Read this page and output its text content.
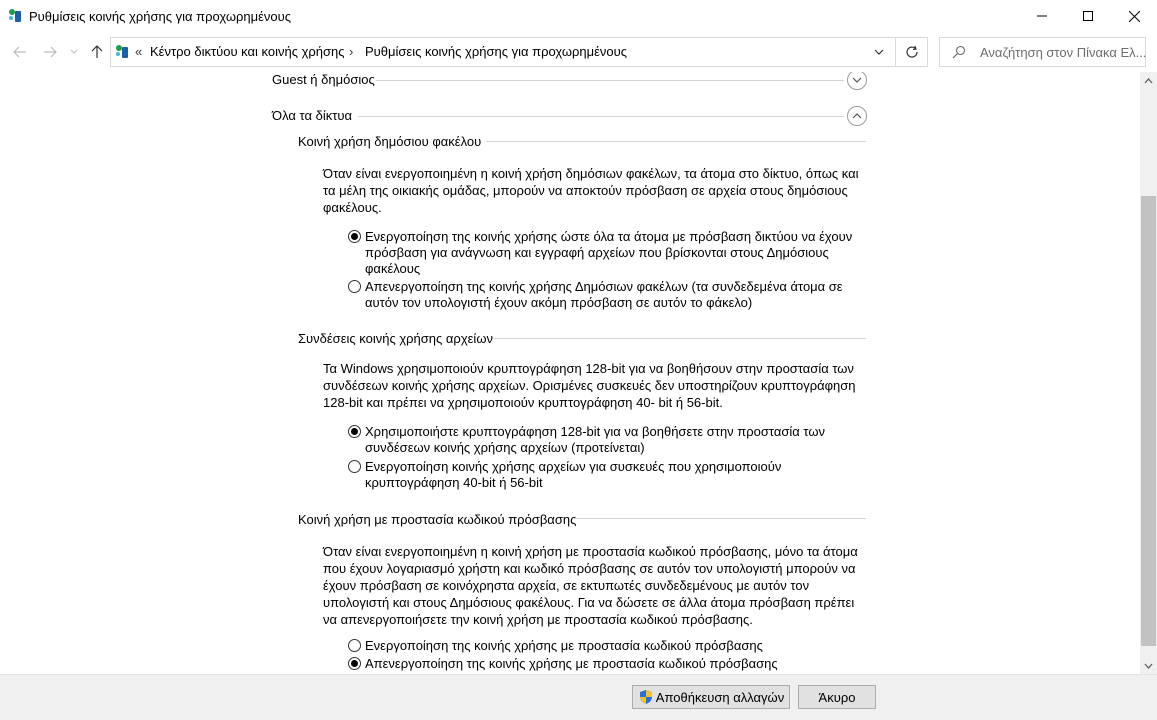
Ρυθμίσεις κοινής χρήσης για προχωρημένους
« Κέντρο δικτύου και κοινής χρήσης › Ρυθμίσεις κοινής χρήσης για προχωρημένους	Αναζήτηση στον Πίνακα Ελ...
Guest ή δημόσιος
Όλα τα δίκτυα
Κοινή χρήση δημόσιου φακέλου

Όταν είναι ενεργοποιημένη η κοινή χρήση δημόσιων φακέλων, τα άτομα στο δίκτυο, όπως και τα μέλη της οικιακής ομάδας, μπορούν να αποκτούν πρόσβαση σε αρχεία στους δημόσιους φακέλους.

Ενεργοποίηση της κοινής χρήσης ώστε όλα τα άτομα με πρόσβαση δικτύου να έχουν πρόσβαση για ανάγνωση και εγγραφή αρχείων που βρίσκονται στους Δημόσιους φακέλους
Απενεργοποίηση της κοινής χρήσης Δημόσιων φακέλων (τα συνδεδεμένα άτομα σε αυτόν τον υπολογιστή έχουν ακόμη πρόσβαση σε αυτόν το φάκελο)
Συνδέσεις κοινής χρήσης αρχείων

Τα Windows χρησιμοποιούν κρυπτογράφηση 128-bit για να βοηθήσουν στην προστασία των συνδέσεων κοινής χρήσης αρχείων. Ορισμένες συσκευές δεν υποστηρίζουν κρυπτογράφηση 128-bit και πρέπει να χρησιμοποιούν κρυπτογράφηση 40- bit ή 56-bit.

Χρησιμοποιήστε κρυπτογράφηση 128-bit για να βοηθήσετε στην προστασία των συνδέσεων κοινής χρήσης αρχείων (προτείνεται)
Ενεργοποίηση κοινής χρήσης αρχείων για συσκευές που χρησιμοποιούν κρυπτογράφηση 40-bit ή 56-bit
Κοινή χρήση με προστασία κωδικού πρόσβασης

Όταν είναι ενεργοποιημένη η κοινή χρήση με προστασία κωδικού πρόσβασης, μόνο τα άτομα που έχουν λογαριασμό χρήστη και κωδικό πρόσβασης σε αυτόν τον υπολογιστή μπορούν να έχουν πρόσβαση σε κοινόχρηστα αρχεία, σε εκτυπωτές συνδεδεμένους με αυτόν τον υπολογιστή και στους Δημόσιους φακέλους. Για να δώσετε σε άλλα άτομα πρόσβαση πρέπει να απενεργοποιήσετε την κοινή χρήση με προστασία κωδικού πρόσβασης.

Ενεργοποίηση της κοινής χρήσης με προστασία κωδικού πρόσβασης
Απενεργοποίηση της κοινής χρήσης με προστασία κωδικού πρόσβασης
Αποθήκευση αλλαγών	Άκυρο
